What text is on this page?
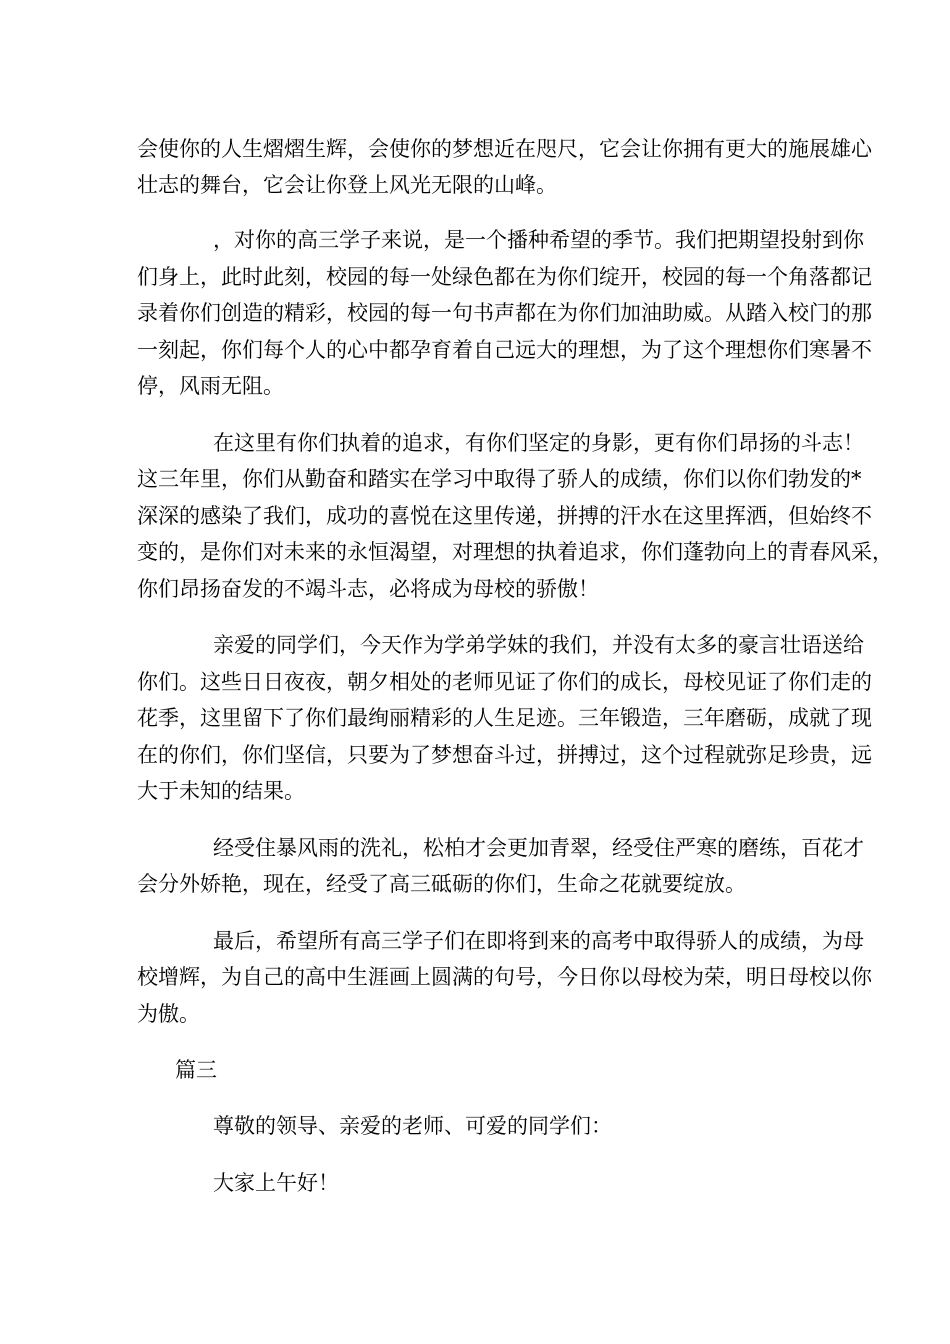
会使你的人生熠熠生辉，会使你的梦想近在咫尺，它会让你拥有更大的施展雄心
壮志的舞台，它会让你登上风光无限的山峰。
，对你的高三学子来说，是一个播种希望的季节。我们把期望投射到你
们身上，此时此刻，校园的每一处绿色都在为你们绽开，校园的每一个角落都记
录着你们创造的精彩，校园的每一句书声都在为你们加油助威。从踏入校门的那
一刻起，你们每个人的心中都孕育着自己远大的理想，为了这个理想你们寒暑不
停，风雨无阻。
在这里有你们执着的追求，有你们坚定的身影，更有你们昂扬的斗志！
这三年里，你们从勤奋和踏实在学习中取得了骄人的成绩，你们以你们勃发的*
深深的感染了我们，成功的喜悦在这里传递，拼搏的汗水在这里挥洒，但始终不
变的，是你们对未来的永恒渴望，对理想的执着追求，你们蓬勃向上的青春风采，
你们昂扬奋发的不竭斗志，必将成为母校的骄傲！
亲爱的同学们，今天作为学弟学妹的我们，并没有太多的豪言壮语送给
你们。这些日日夜夜，朝夕相处的老师见证了你们的成长，母校见证了你们走的
花季，这里留下了你们最绚丽精彩的人生足迹。三年锻造，三年磨砺，成就了现
在的你们，你们坚信，只要为了梦想奋斗过，拼搏过，这个过程就弥足珍贵，远
大于未知的结果。
经受住暴风雨的洗礼，松柏才会更加青翠，经受住严寒的磨练，百花才
会分外娇艳，现在，经受了高三砥砺的你们，生命之花就要绽放。
最后，希望所有高三学子们在即将到来的高考中取得骄人的成绩，为母
校增辉，为自己的高中生涯画上圆满的句号，今日你以母校为荣，明日母校以你
为傲。
篇三
尊敬的领导、亲爱的老师、可爱的同学们：
大家上午好！
